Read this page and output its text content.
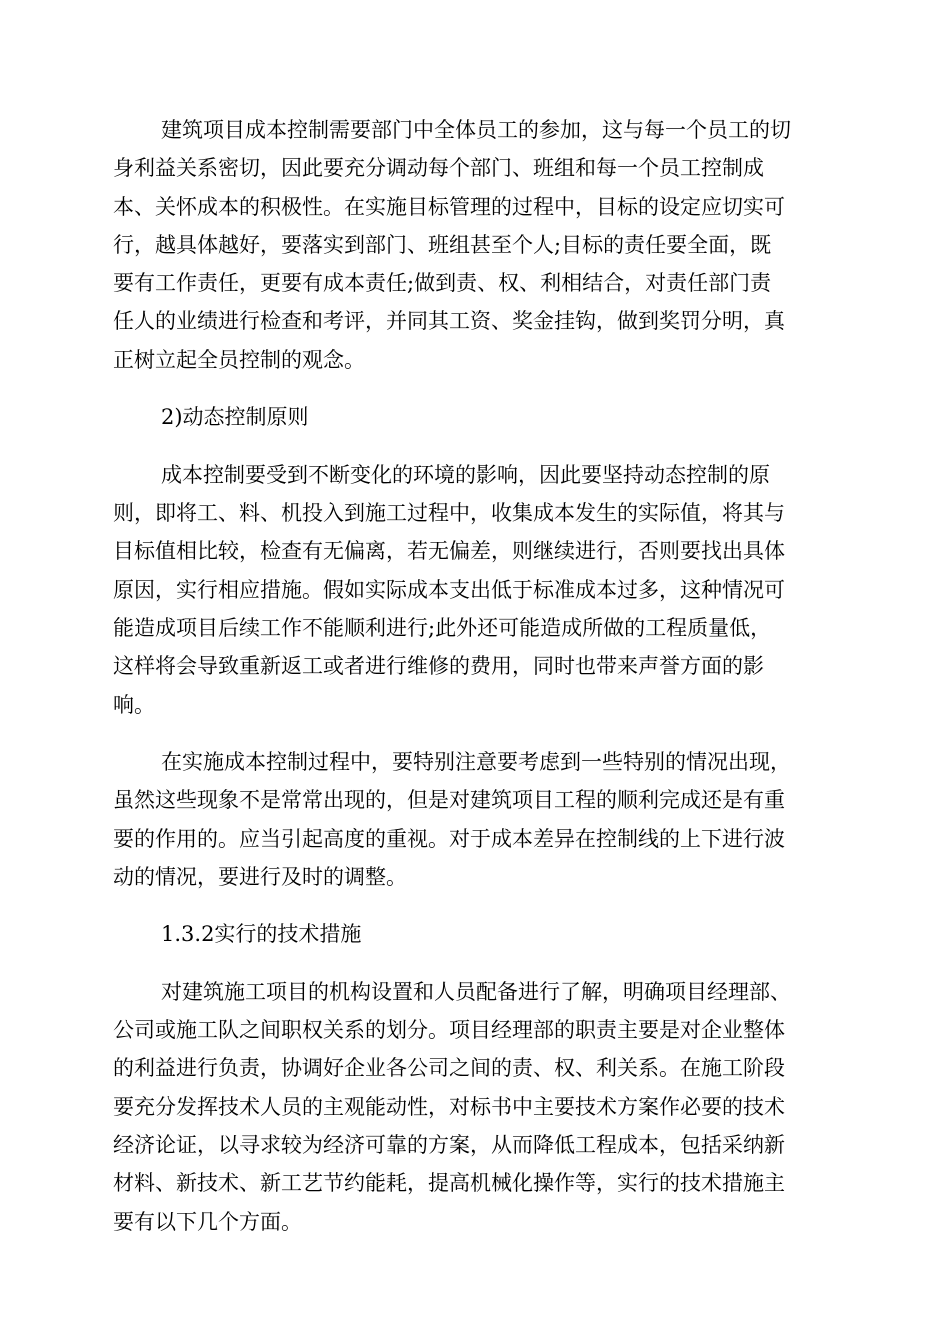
建筑项目成本控制需要部门中全体员工的参加，这与每一个员工的切
身利益关系密切，因此要充分调动每个部门、班组和每一个员工控制成
本、关怀成本的积极性。在实施目标管理的过程中，目标的设定应切实可
行，越具体越好，要落实到部门、班组甚至个人;目标的责任要全面，既
要有工作责任，更要有成本责任;做到责、权、利相结合，对责任部门责
任人的业绩进行检查和考评，并同其工资、奖金挂钩，做到奖罚分明，真
正树立起全员控制的观念。
2)动态控制原则
成本控制要受到不断变化的环境的影响，因此要坚持动态控制的原
则，即将工、料、机投入到施工过程中，收集成本发生的实际值，将其与
目标值相比较，检查有无偏离，若无偏差，则继续进行，否则要找出具体
原因，实行相应措施。假如实际成本支出低于标准成本过多，这种情况可
能造成项目后续工作不能顺利进行;此外还可能造成所做的工程质量低，
这样将会导致重新返工或者进行维修的费用，同时也带来声誉方面的影
响。
在实施成本控制过程中，要特别注意要考虑到一些特别的情况出现，
虽然这些现象不是常常出现的，但是对建筑项目工程的顺利完成还是有重
要的作用的。应当引起高度的重视。对于成本差异在控制线的上下进行波
动的情况，要进行及时的调整。
1.3.2实行的技术措施
对建筑施工项目的机构设置和人员配备进行了解，明确项目经理部、
公司或施工队之间职权关系的划分。项目经理部的职责主要是对企业整体
的利益进行负责，协调好企业各公司之间的责、权、利关系。在施工阶段
要充分发挥技术人员的主观能动性，对标书中主要技术方案作必要的技术
经济论证，以寻求较为经济可靠的方案，从而降低工程成本，包括采纳新
材料、新技术、新工艺节约能耗，提高机械化操作等，实行的技术措施主
要有以下几个方面。
